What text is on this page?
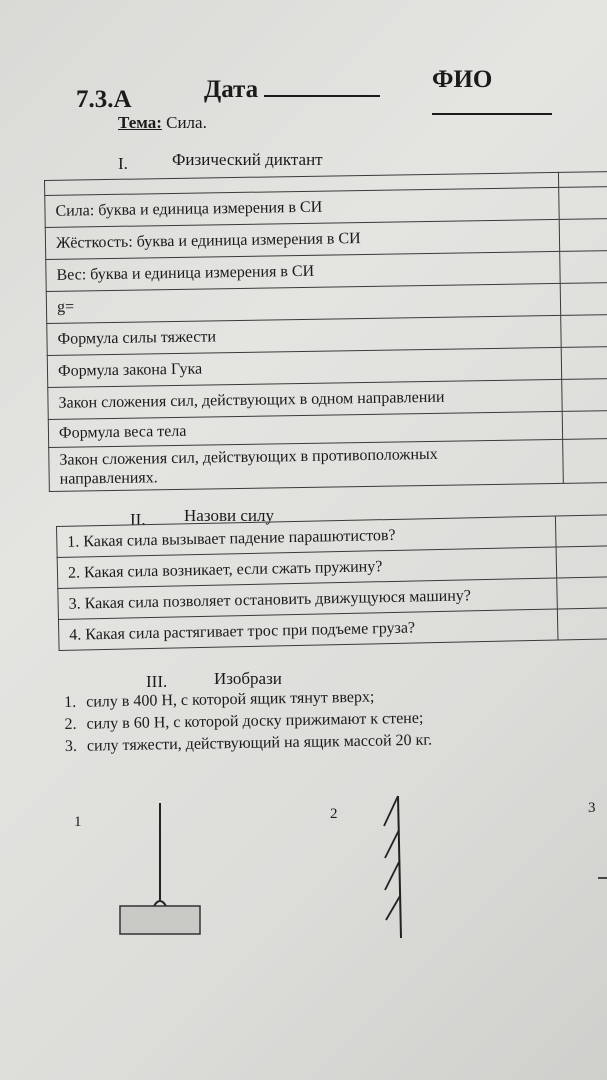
7.3.А	Дата	ФИО
Тема: Сила.
I.	Физический диктант

Сила: буква и единица измерения в СИ	
Жёсткость: буква и единица измерения в СИ	
Вес: буква и единица измерения в СИ	
g=	
Формула силы тяжести	
Формула закона Гука	
Закон сложения сил, действующих в одном направлении	
Формула веса тела	
Закон сложения сил, действующих в противоположных направлениях.	
II. Назови силу
1. Какая сила вызывает падение парашютистов?	
2. Какая сила возникает, если сжать пружину?	
3. Какая сила позволяет остановить движущуюся машину?	
4. Какая сила растягивает трос при подъеме груза?	
III.	Изобрази
1. силу в 400 Н, с которой ящик тянут вверх;
2. силу в 60 Н, с которой доску прижимают к стене;
3. силу тяжести, действующий на ящик массой 20 кг.
1	2	3
